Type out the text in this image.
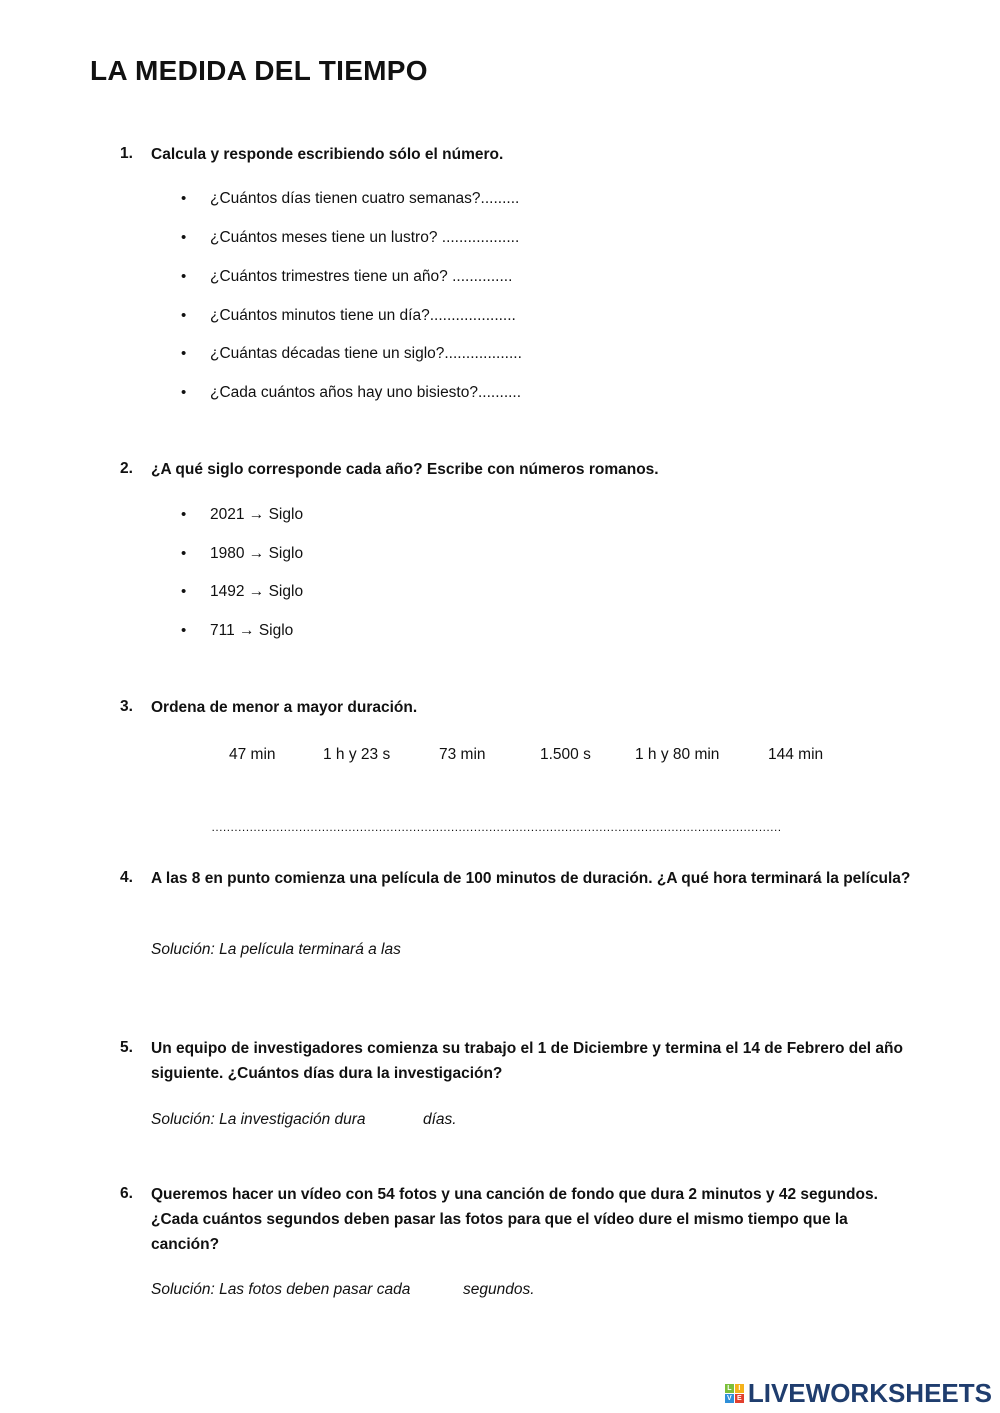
LA MEDIDA DEL TIEMPO
1. Calcula y responde escribiendo sólo el número.
• ¿Cuántos días tienen cuatro semanas?.........
• ¿Cuántos meses tiene un lustro? ..................
• ¿Cuántos trimestres tiene un año? ..............
• ¿Cuántos minutos tiene un día?....................
• ¿Cuántas décadas tiene un siglo?..................
• ¿Cada cuántos años hay uno bisiesto?..........
2. ¿A qué siglo corresponde cada año? Escribe con números romanos.
• 2021 → Siglo
• 1980 → Siglo
• 1492 → Siglo
• 711 → Siglo
3. Ordena de menor a mayor duración.
47 min	1 h y 23 s	73 min	1.500 s	1 h y 80 min	144 min
……………………………………………………………………………………………………………………………………
4. A las 8 en punto comienza una película de 100 minutos de duración. ¿A qué hora terminará la película?
Solución: La película terminará a las
5. Un equipo de investigadores comienza su trabajo el 1 de Diciembre y termina el 14 de Febrero del año siguiente. ¿Cuántos días dura la investigación?
Solución: La investigación dura	días.
6. Queremos hacer un vídeo con 54 fotos y una canción de fondo que dura 2 minutos y 42 segundos. ¿Cada cuántos segundos deben pasar las fotos para que el vídeo dure el mismo tiempo que la canción?
Solución: Las fotos deben pasar cada	segundos.
L I
V E LIVEWORKSHEETS
